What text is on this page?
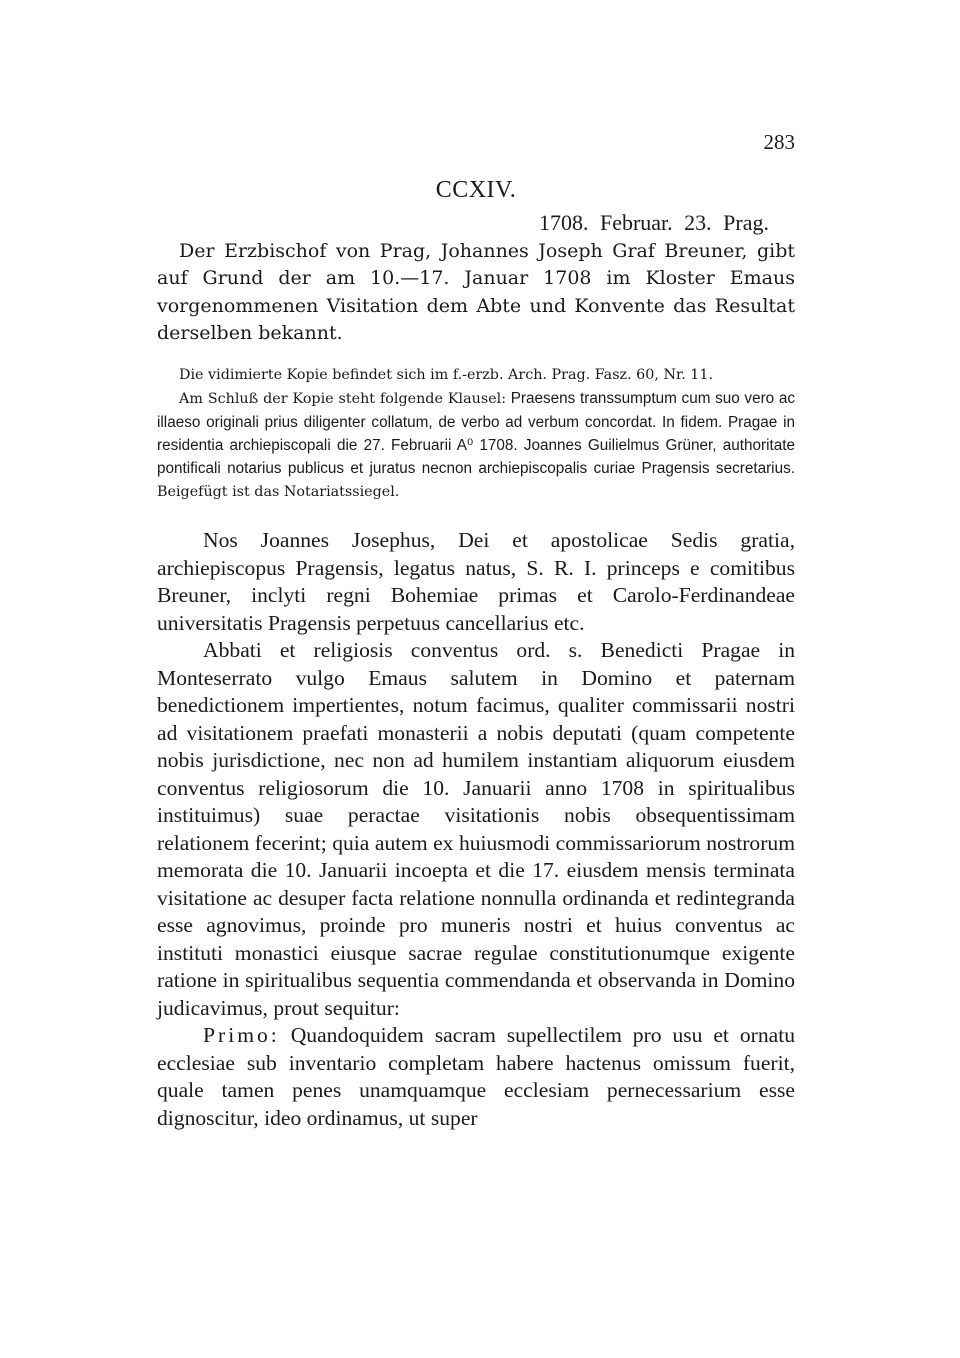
283
CCXIV.
1708. Februar. 23. Prag.

Der Erzbischof von Prag, Johannes Joseph Graf Breuner, gibt auf Grund der am 10.—17. Januar 1708 im Kloster Emaus vorgenommenen Visitation dem Abte und Konvente das Resultat derselben bekannt.

Die vidimierte Kopie befindet sich im f.-erzb. Arch. Prag. Fasz. 60, Nr. 11.

Am Schluß der Kopie steht folgende Klausel: Praesens transsumptum cum suo vero ac illaeso originali prius diligenter collatum, de verbo ad verbum concordat. In fidem. Pragae in residentia archiepiscopali die 27. Februarii A⁰ 1708. Joannes Guilielmus Grüner, authoritate pontificali notarius publicus et juratus necnon archiepiscopalis curiae Pragensis secretarius. Beigefügt ist das Notariatssiegel.

Nos Joannes Josephus, Dei et apostolicae Sedis gratia, archiepiscopus Pragensis, legatus natus, S. R. I. princeps e comitibus Breuner, inclyti regni Bohemiae primas et Carolo-Ferdinandeae universitatis Pragensis perpetuus cancellarius etc.

Abbati et religiosis conventus ord. s. Benedicti Pragae in Monteserrato vulgo Emaus salutem in Domino et paternam benedictionem impertientes, notum facimus, qualiter commissarii nostri ad visitationem praefati monasterii a nobis deputati (quam competente nobis jurisdictione, nec non ad humilem instantiam aliquorum eiusdem conventus religiosorum die 10. Januarii anno 1708 in spiritualibus instituimus) suae peractae visitationis nobis obsequentissimam relationem fecerint; quia autem ex huiusmodi commissariorum nostrorum memorata die 10. Januarii incoepta et die 17. eiusdem mensis terminata visitatione ac desuper facta relatione nonnulla ordinanda et redintegranda esse agnovimus, proinde pro muneris nostri et huius conventus ac instituti monastici eiusque sacrae regulae constitutionumque exigente ratione in spiritualibus sequentia commendanda et observanda in Domino judicavimus, prout sequitur:

Primo: Quandoquidem sacram supellectilem pro usu et ornatu ecclesiae sub inventario completam habere hactenus omissum fuerit, quale tamen penes unamquamque ecclesiam pernecessarium esse dignoscitur, ideo ordinamus, ut super
